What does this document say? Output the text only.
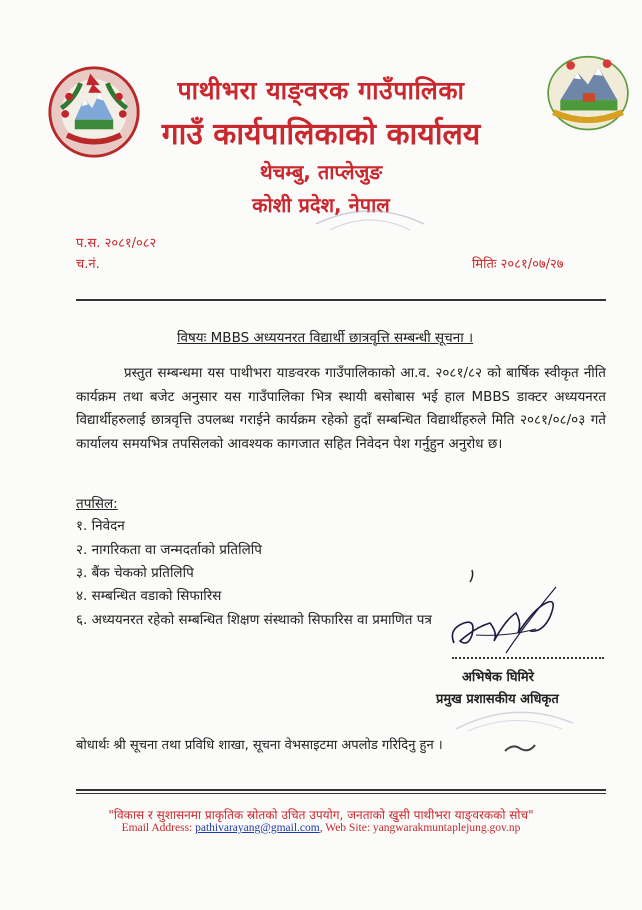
पाथीभरा याङ्वरक गाउँपालिका
गाउँ कार्यपालिकाको कार्यालय
थेचम्बु, ताप्लेजुङ
कोशी प्रदेश, नेपाल
प.स. २०८१/०८२
च.नं.	मितिः २०८१/०७/२७
विषयः MBBS अध्ययनरत विद्यार्थी छात्रवृत्ति सम्बन्धी सूचना ।
प्रस्तुत सम्बन्धमा यस पाथीभरा याङवरक गाउँपालिकाको आ.व. २०८१/८२ को बार्षिक स्वीकृत नीति कार्यक्रम तथा बजेट अनुसार यस गाउँपालिका भित्र स्थायी बसोबास भई हाल MBBS डाक्टर अध्ययनरत विद्यार्थीहरुलाई छात्रवृत्ति उपलब्ध गराईने कार्यक्रम रहेको हुदाँ सम्बन्धित विद्यार्थीहरुले मिति २०८१/०८/०३ गते कार्यालय समयभित्र तपसिलको आवश्यक कागजात सहित निवेदन पेश गर्नुहुन अनुरोध छ।
तपसिल:
१. निवेदन
२. नागरिकता वा जन्मदर्ताको प्रतिलिपि
३. बैंक चेकको प्रतिलिपि
४. सम्बन्धित वडाको सिफारिस
६. अध्ययनरत रहेको सम्बन्धित शिक्षण संस्थाको सिफारिस वा प्रमाणित पत्र
अभिषेक घिमिरे
प्रमुख प्रशासकीय अधिकृत
बोधार्थः श्री सूचना तथा प्रविधि शाखा, सूचना वेभसाइटमा अपलोड गरिदिनु हुन ।
"विकास र सुशासनमा प्राकृतिक स्रोतको उचित उपयोग, जनताको खुसी पाथीभरा याङ्वरकको सोच"
Email Address: pathivarayang@gmail.com, Web Site: yangwarakmuntaplejung.gov.np
